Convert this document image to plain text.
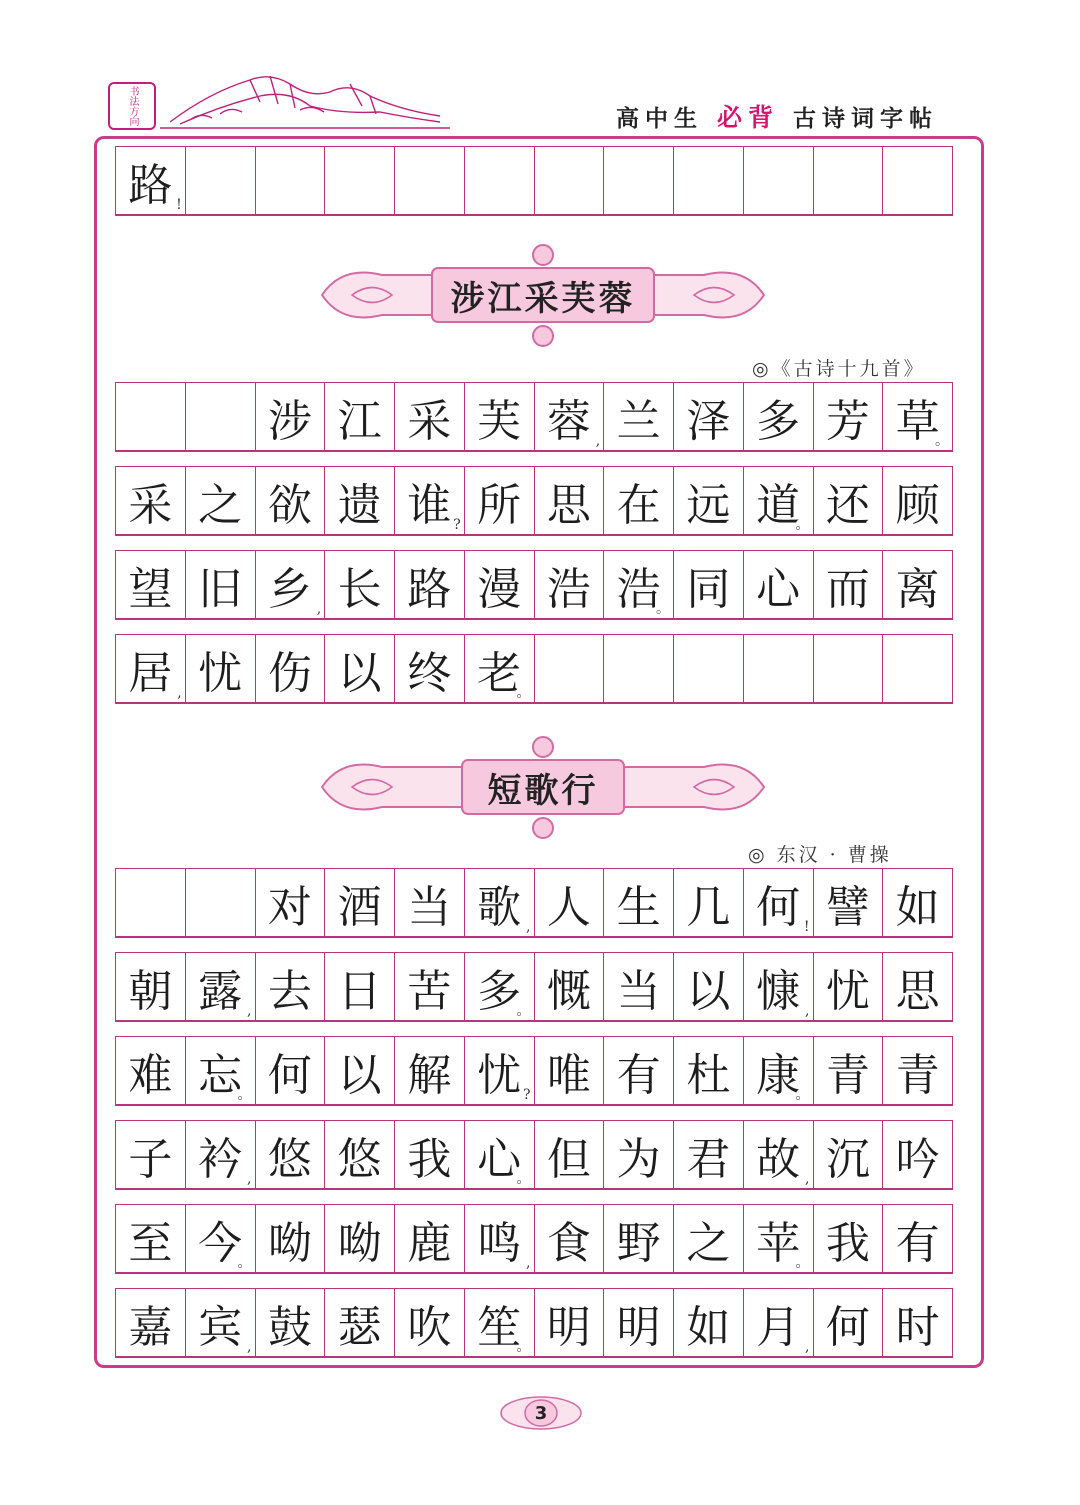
书法方向	高中生 必背 古诗词字帖
路 !
涉 江 采 芙 蓉 , 兰 泽 多 芳 草
。
采 之 欲 遗 谁 ? 所 思 在 远 道
。 还 顾
望 旧 乡 , 长 路 漫 浩 浩
。 同 心 而 离
居 , 忧 伤 以 终 老
。
对 酒 当 歌 , 人 生 几 何 ! 譬 如
朝 露 , 去 日 苦 多
。 慨 当 以 慷 , 忧 思
难 忘
。 何 以 解 忧 ? 唯 有 杜 康
。 青 青
子 衿 , 悠 悠 我 心
。 但 为 君 故 , 沉 吟
至 今
。 呦 呦 鹿 鸣 , 食 野 之 苹
。 我 有
嘉 宾 , 鼓 瑟 吹 笙
。 明 明 如 月 , 何 时
涉江采芙蓉
◎《古诗十九首》
短歌行
◎ 东汉 · 曹操
3
